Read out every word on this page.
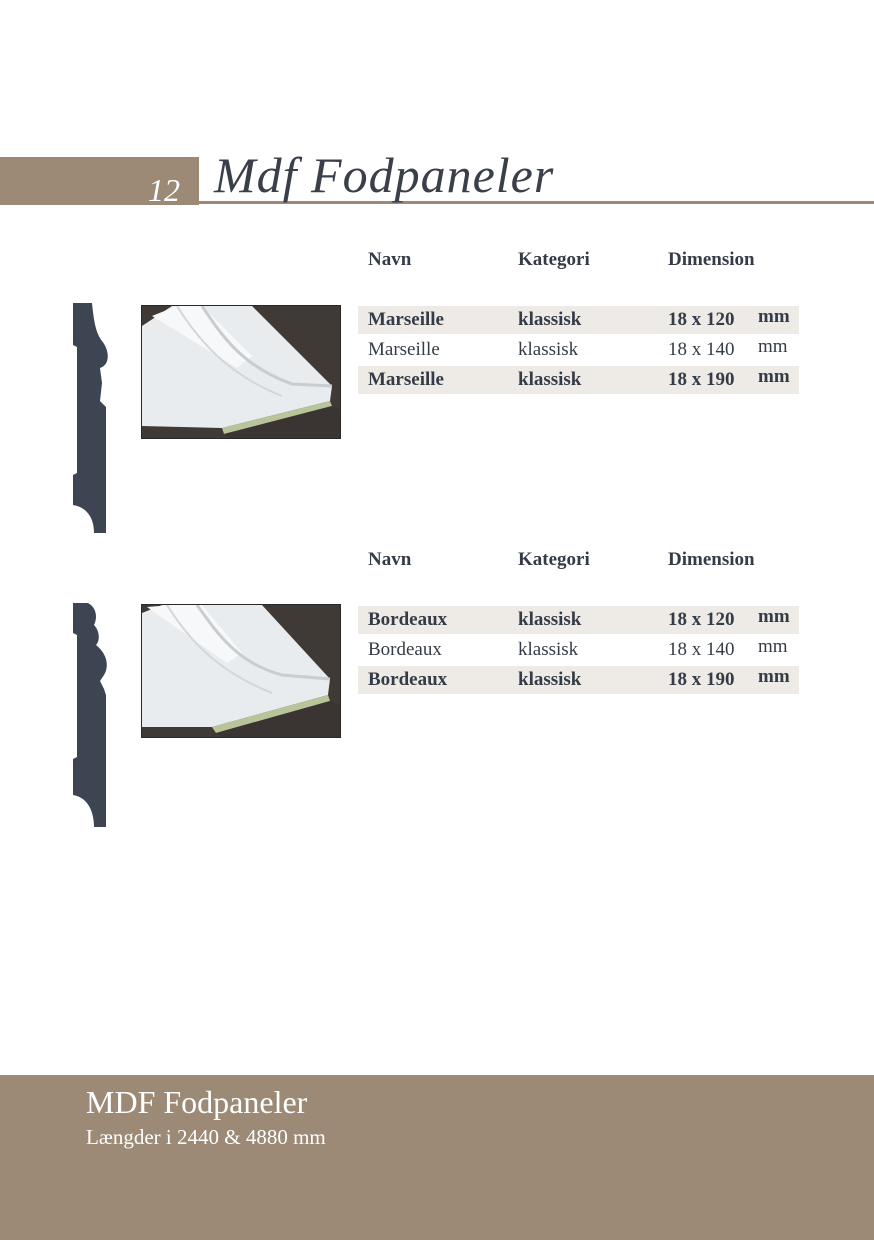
12 Mdf Fodpaneler
Navn	Kategori	Dimension
Marseille	klassisk	18 x 120 mm
Marseille	klassisk	18 x 140 mm
Marseille	klassisk	18 x 190 mm
Navn	Kategori	Dimension
Bordeaux	klassisk	18 x 120 mm
Bordeaux	klassisk	18 x 140 mm
Bordeaux	klassisk	18 x 190 mm
MDF Fodpaneler
Længder i 2440 & 4880 mm
